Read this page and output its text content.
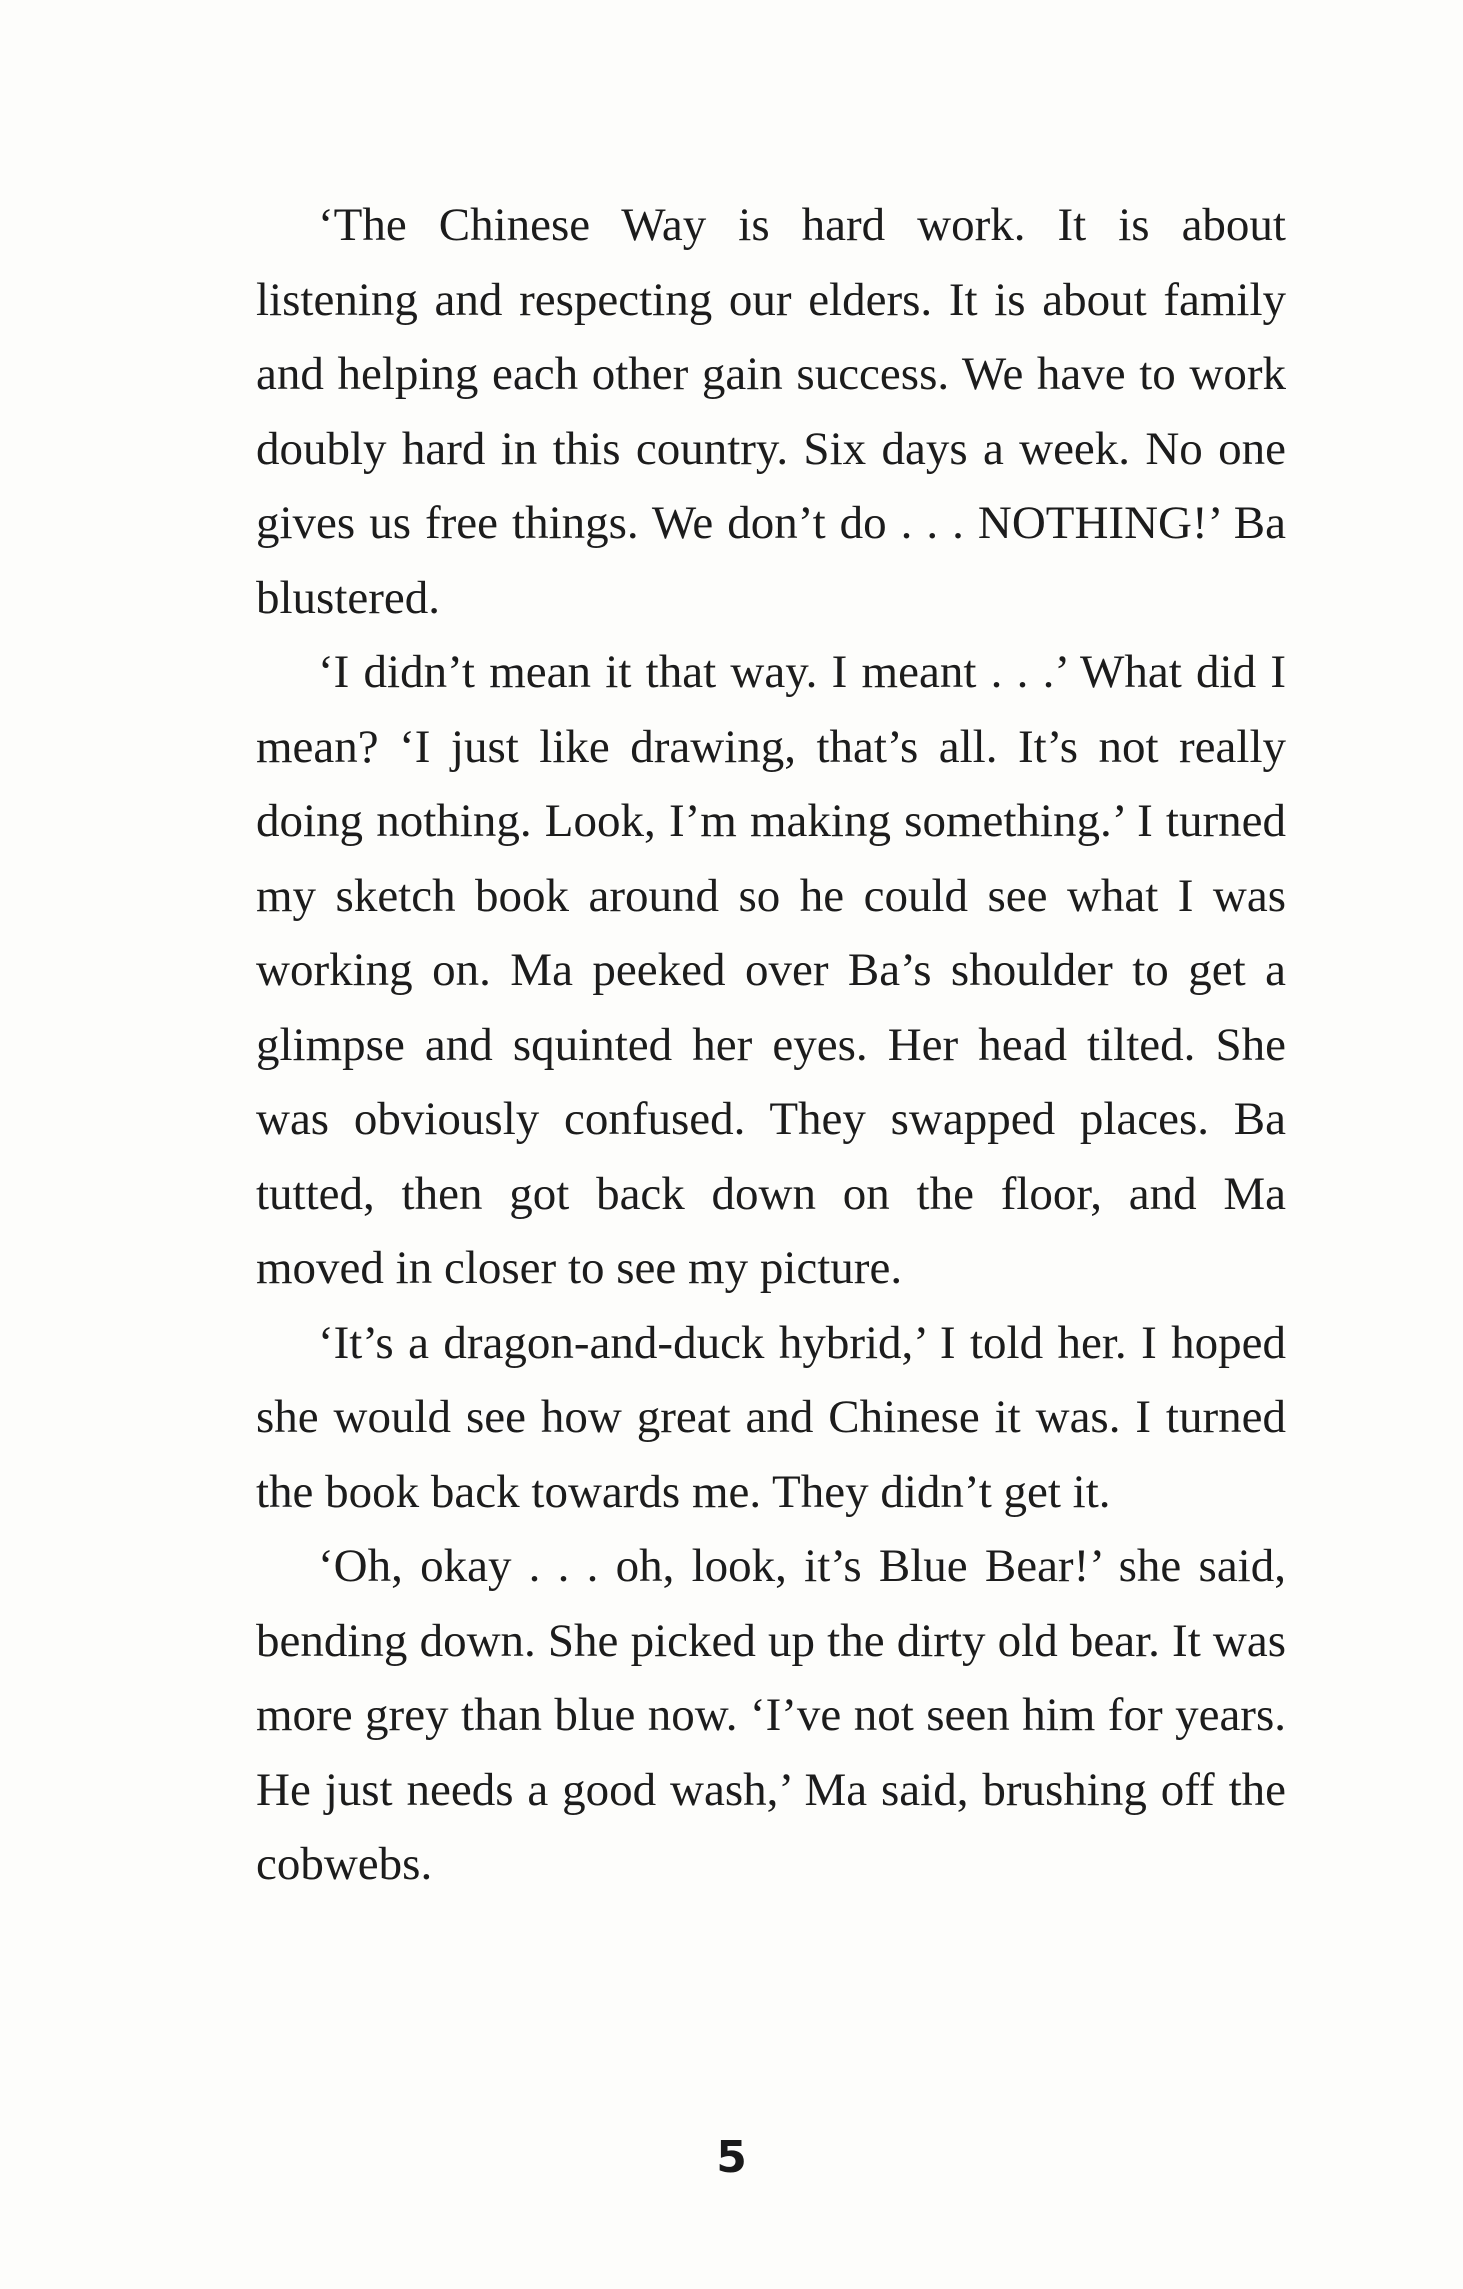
‘The Chinese Way is hard work. It is about listening and respecting our elders. It is about family and helping each other gain success. We have to work doubly hard in this country. Six days a week. No one gives us free things. We don’t do . . . NOTHING!’ Ba blustered.

‘I didn’t mean it that way. I meant . . .’ What did I mean? ‘I just like drawing, that’s all. It’s not really doing nothing. Look, I’m making something.’ I turned my sketch book around so he could see what I was working on. Ma peeked over Ba’s shoulder to get a glimpse and squinted her eyes. Her head tilted. She was obviously confused. They swapped places. Ba tutted, then got back down on the floor, and Ma moved in closer to see my picture.

‘It’s a dragon-and-duck hybrid,’ I told her. I hoped she would see how great and Chinese it was. I turned the book back towards me. They didn’t get it.

‘Oh, okay . . . oh, look, it’s Blue Bear!’ she said, bending down. She picked up the dirty old bear. It was more grey than blue now. ‘I’ve not seen him for years. He just needs a good wash,’ Ma said, brushing off the cobwebs.

5
